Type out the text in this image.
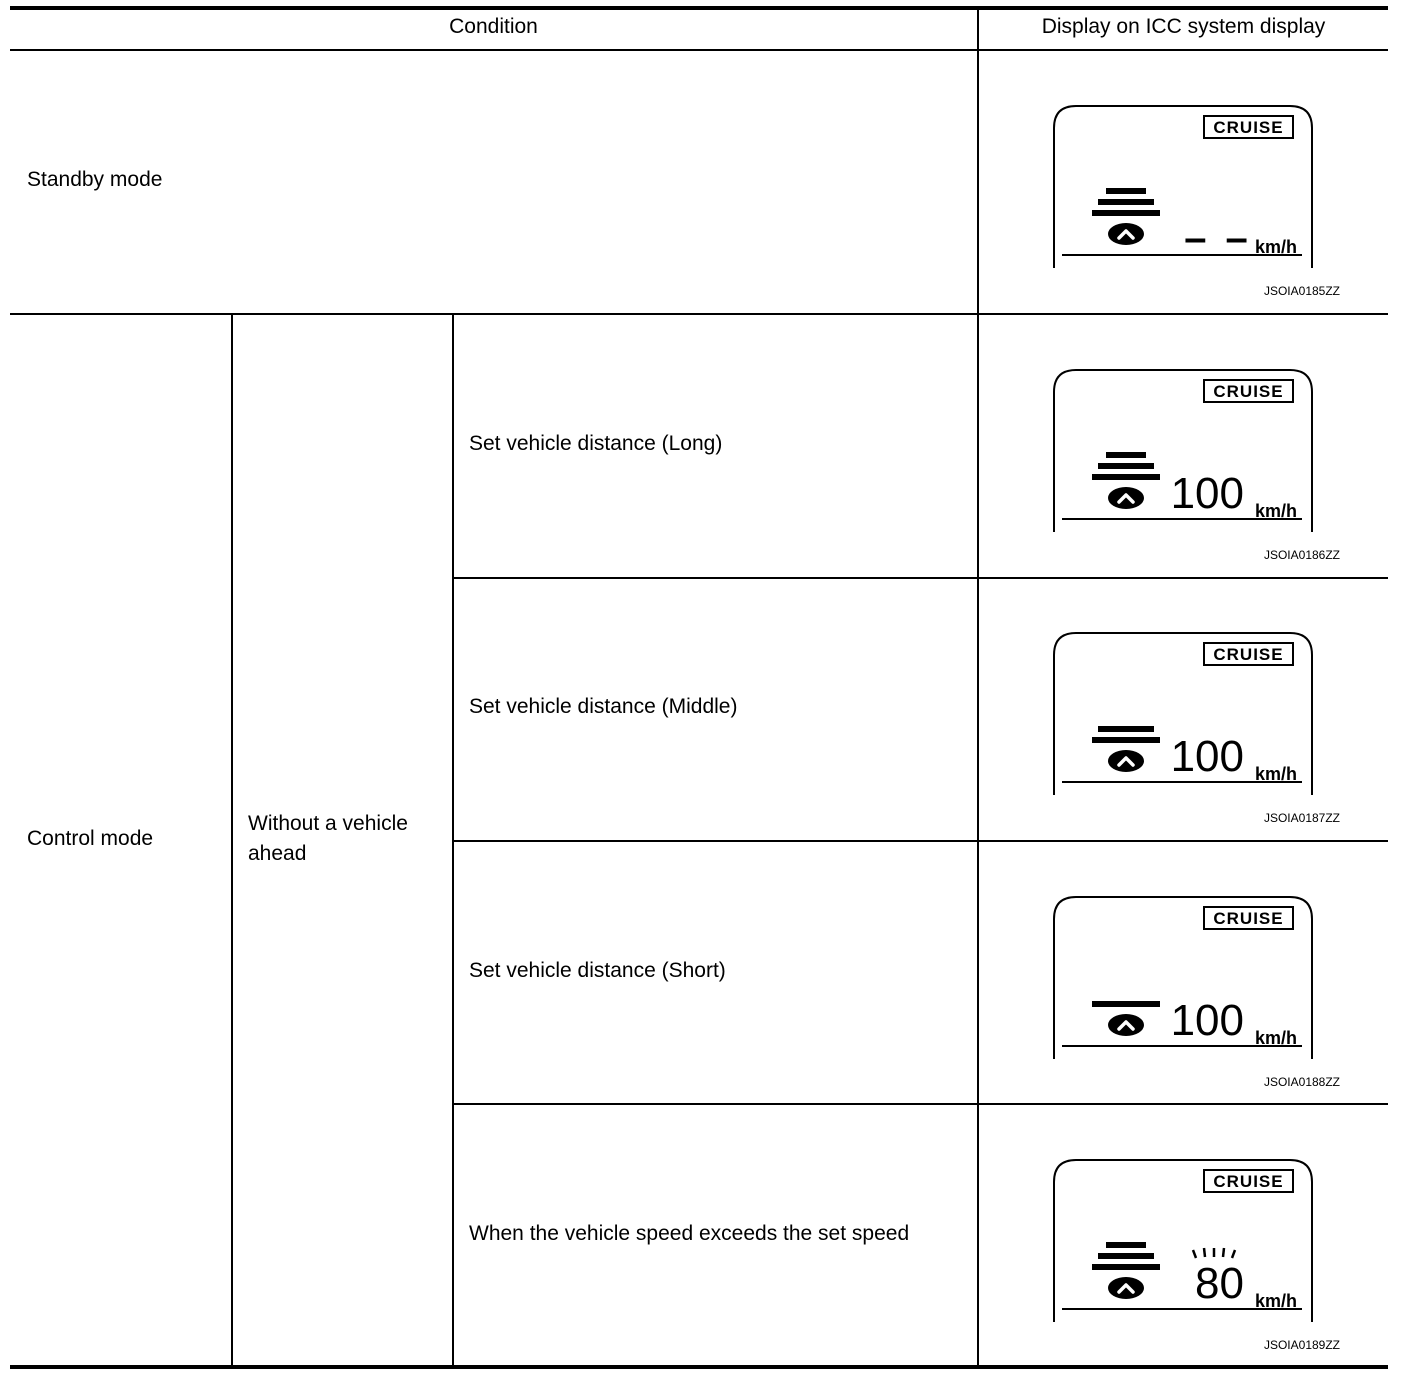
Condition	Display on ICC system display
Standby mode
Control mode
Without a vehicle ahead
Set vehicle distance (Long)
Set vehicle distance (Middle)
Set vehicle distance (Short)
When the vehicle speed exceeds the set speed
CRUISE
– – km/h
JSOIA0185ZZ
CRUISE
100 km/h
JSOIA0186ZZ
CRUISE
100 km/h
JSOIA0187ZZ
CRUISE
100 km/h
JSOIA0188ZZ
CRUISE
80 km/h
JSOIA0189ZZ
